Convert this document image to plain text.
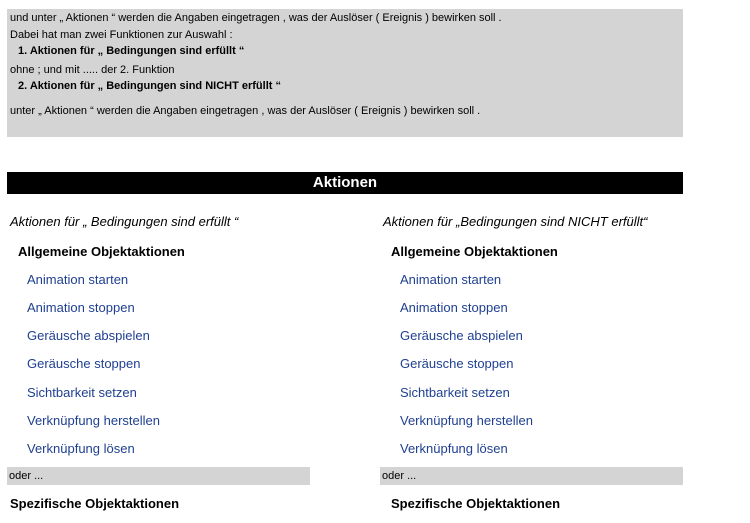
und unter „ Aktionen “ werden die Angaben eingetragen , was der Auslöser ( Ereignis ) bewirken soll .
Dabei hat man zwei Funktionen zur Auswahl :
1. Aktionen für „ Bedingungen sind erfüllt “
ohne ; und mit ..... der 2. Funktion
2. Aktionen für „ Bedingungen sind NICHT erfüllt “
unter „ Aktionen “ werden die Angaben eingetragen , was der Auslöser ( Ereignis ) bewirken soll .
Aktionen
Aktionen für „ Bedingungen sind erfüllt “
Allgemeine Objektaktionen
Animation starten
Animation stoppen
Geräusche abspielen
Geräusche stoppen
Sichtbarkeit setzen
Verknüpfung herstellen
Verknüpfung lösen
oder ...
Spezifische Objektaktionen
Aktionen für „Bedingungen sind NICHT erfüllt“
Allgemeine Objektaktionen
Animation starten
Animation stoppen
Geräusche abspielen
Geräusche stoppen
Sichtbarkeit setzen
Verknüpfung herstellen
Verknüpfung lösen
oder ...
Spezifische Objektaktionen
